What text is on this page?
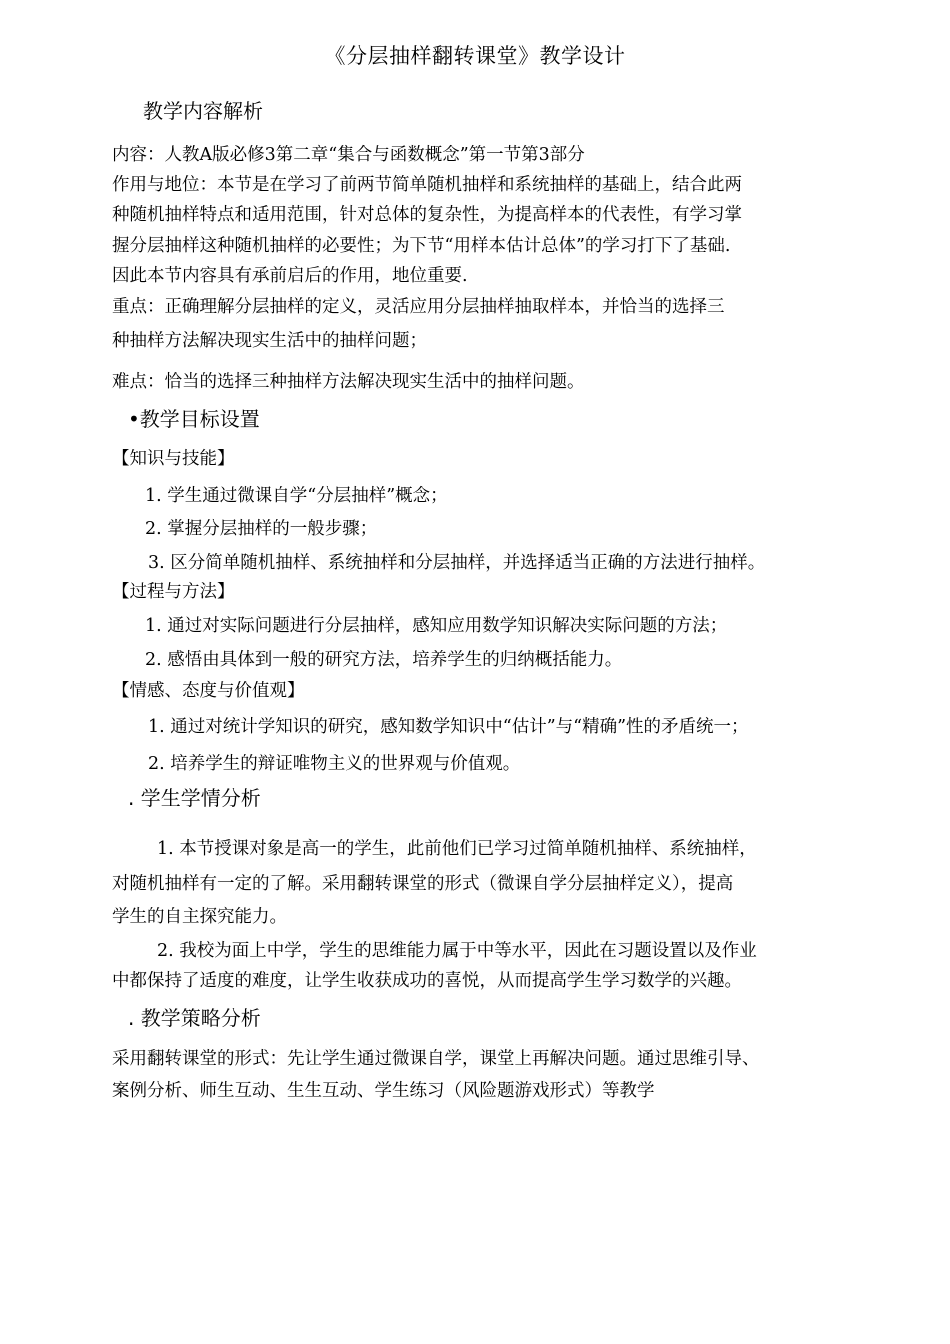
《分层抽样翻转课堂》教学设计
教学内容解析
内容：人教A版必修3第二章“集合与函数概念”第一节第3部分
作用与地位：本节是在学习了前两节简单随机抽样和系统抽样的基础上，结合此两
种随机抽样特点和适用范围，针对总体的复杂性，为提高样本的代表性，有学习掌
握分层抽样这种随机抽样的必要性；为下节“用样本估计总体”的学习打下了基础.
因此本节内容具有承前启后的作用，地位重要.
重点：正确理解分层抽样的定义，灵活应用分层抽样抽取样本，并恰当的选择三
种抽样方法解决现实生活中的抽样问题；
难点：恰当的选择三种抽样方法解决现实生活中的抽样问题。
•教学目标设置
【知识与技能】
1. 学生通过微课自学“分层抽样”概念；
2. 掌握分层抽样的一般步骤；
3. 区分简单随机抽样、系统抽样和分层抽样，并选择适当正确的方法进行抽样。
【过程与方法】
1. 通过对实际问题进行分层抽样，感知应用数学知识解决实际问题的方法；
2. 感悟由具体到一般的研究方法，培养学生的归纳概括能力。
【情感、态度与价值观】
1. 通过对统计学知识的研究，感知数学知识中“估计”与“精确”性的矛盾统一；
2. 培养学生的辩证唯物主义的世界观与价值观。
. 学生学情分析
1. 本节授课对象是高一的学生，此前他们已学习过简单随机抽样、系统抽样，
对随机抽样有一定的了解。采用翻转课堂的形式（微课自学分层抽样定义），提高
学生的自主探究能力。
2. 我校为面上中学，学生的思维能力属于中等水平，因此在习题设置以及作业
中都保持了适度的难度，让学生收获成功的喜悦，从而提高学生学习数学的兴趣。
. 教学策略分析
采用翻转课堂的形式：先让学生通过微课自学，课堂上再解决问题。通过思维引导、
案例分析、师生互动、生生互动、学生练习（风险题游戏形式）等教学
